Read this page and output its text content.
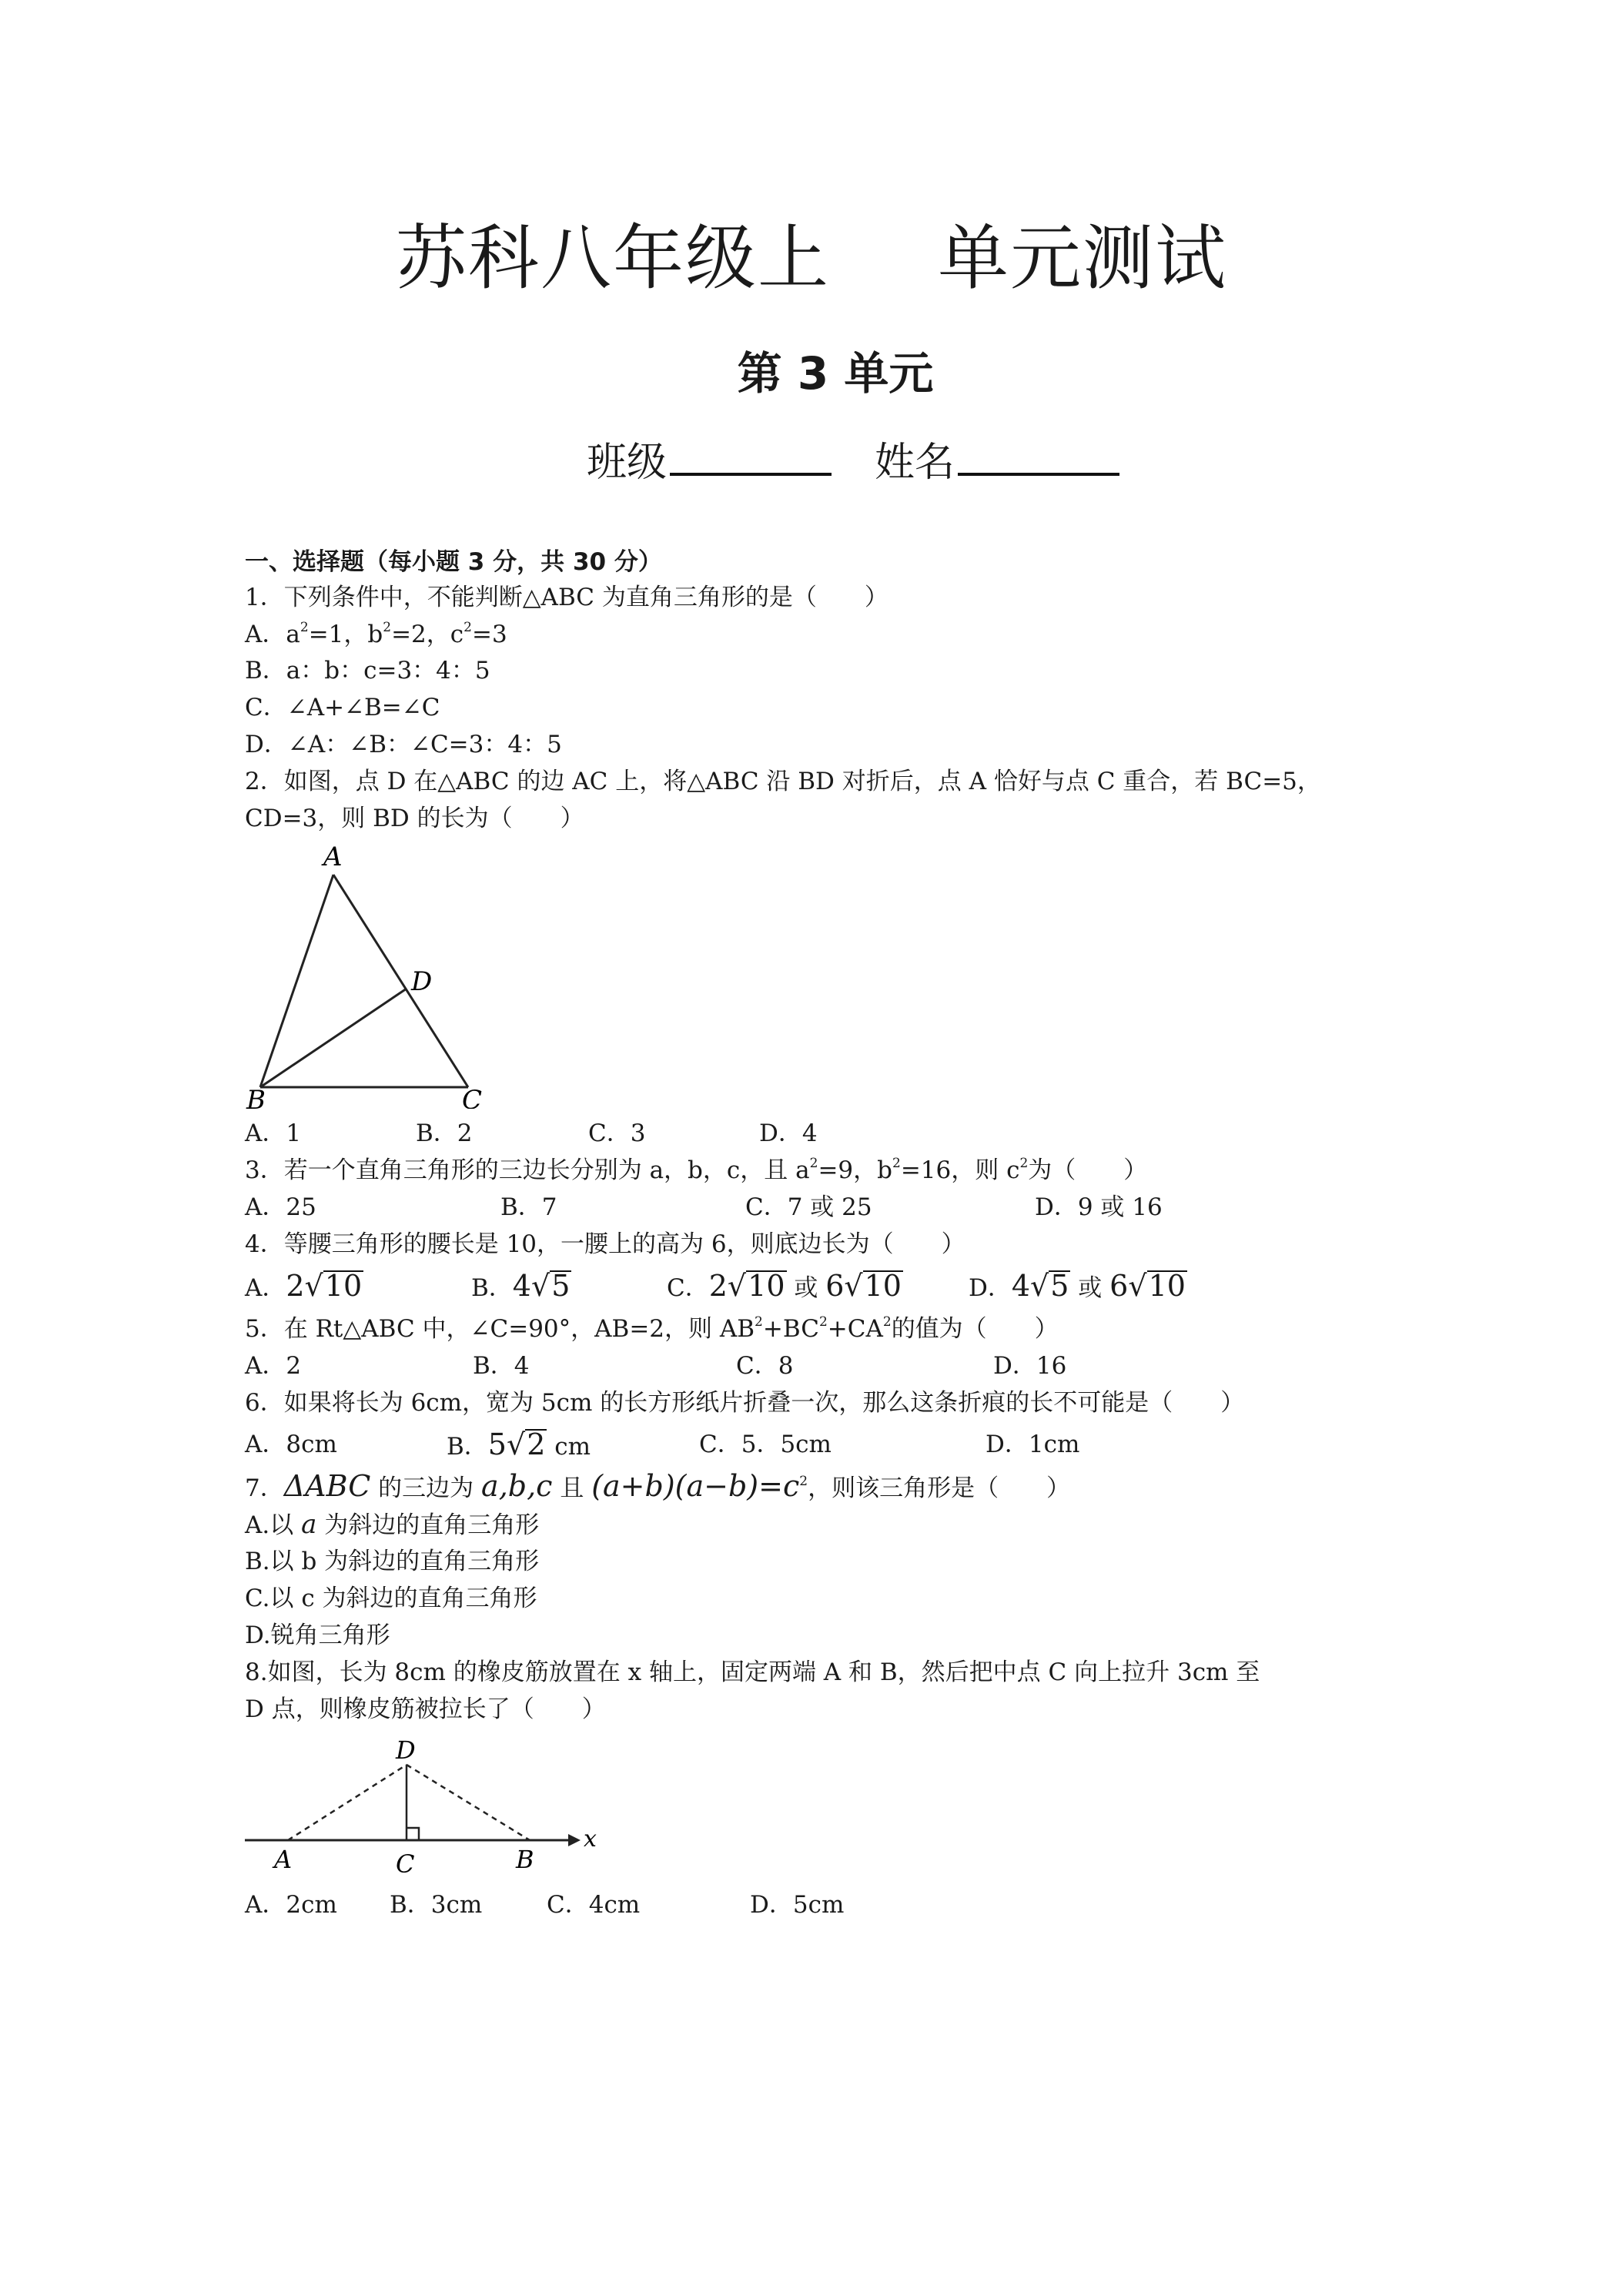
苏科八年级上 单元测试
第 3 单元
班级	姓名
一、选择题（每小题 3 分，共 30 分）
1．下列条件中，不能判断△ABC 为直角三角形的是（　　）
A．$a^2=1$，$b^2=2$，$c^2=3$
B．a：b：c=3：4：5
C．∠A+∠B=∠C
D．∠A：∠B：∠C=3：4：5
2．如图，点 D 在△ABC 的边 AC 上，将△ABC 沿 BD 对折后，点 A 恰好与点 C 重合，若 BC=5，
CD=3，则 BD 的长为（　　）
A
D
B	C
A．1	B．2	C．3	D．4
3．若一个直角三角形的三边长分别为 a，b，c，且 $a^2=9$，$b^2=16$，则 $c^2$为（　　）
A．25	B．7	C．7 或 25	D．9 或 16
4．等腰三角形的腰长是 10，一腰上的高为 6，则底边长为（　　）
A．2√10	B．4√5	C．2√10 或 6√10	D．4√5 或 6√10
5．在 Rt△ABC 中，∠C=90°，AB=2，则 $AB^2+BC^2+CA^2$的值为（　　）
A．2	B．4	C．8	D．16
6．如果将长为 6cm，宽为 5cm 的长方形纸片折叠一次，那么这条折痕的长不可能是（　　）
A．8cm	B．5√2 cm	C．5．5cm	D．1cm
7．ΔABC 的三边为 a,b,c 且 $(a+b)(a-b)=c^2$，则该三角形是（　　）
A.以 a 为斜边的直角三角形
B.以 b 为斜边的直角三角形
C.以 c 为斜边的直角三角形
D.锐角三角形
8.如图，长为 8cm 的橡皮筋放置在 x 轴上，固定两端 A 和 B，然后把中点 C 向上拉升 3cm 至
D 点，则橡皮筋被拉长了（　　）
D
A	C	B
x
A．2cm B．3cm	C．4cm	D．5cm
